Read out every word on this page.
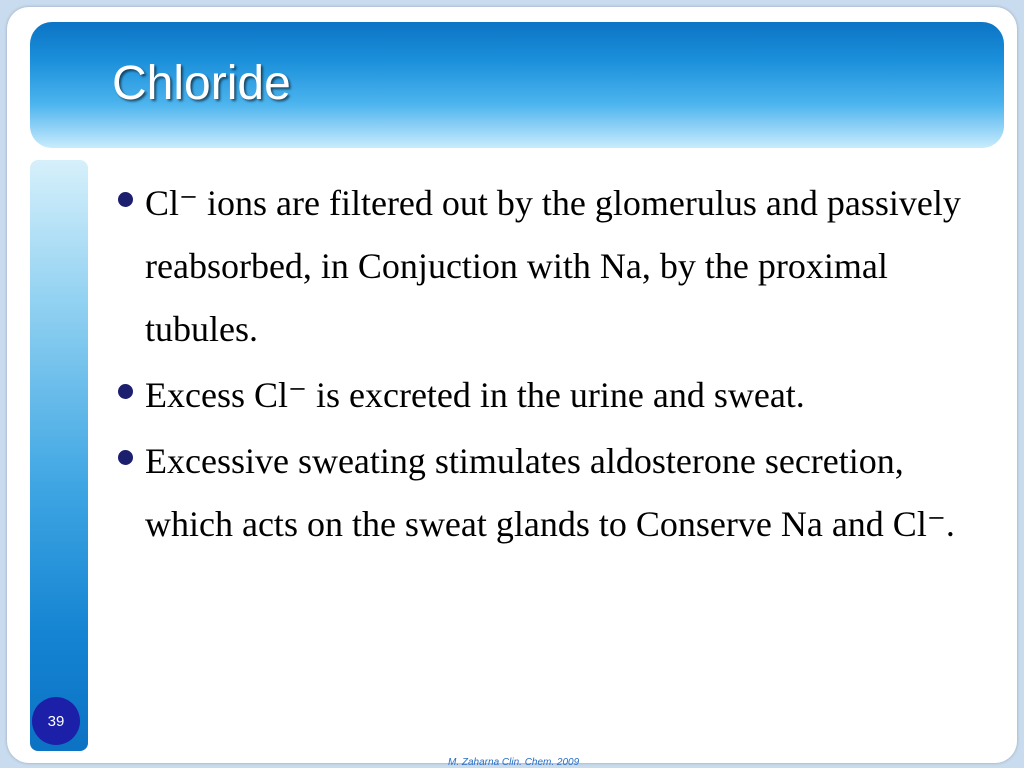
Chloride
39
Cl⁻ ions are filtered out by the glomerulus and passively reabsorbed, in Conjuction with Na, by the proximal tubules.
Excess Cl⁻ is excreted in the urine and sweat.
Excessive sweating stimulates aldosterone secretion, which acts on the sweat glands to Conserve Na and Cl⁻.
M. Zaharna Clin. Chem. 2009
